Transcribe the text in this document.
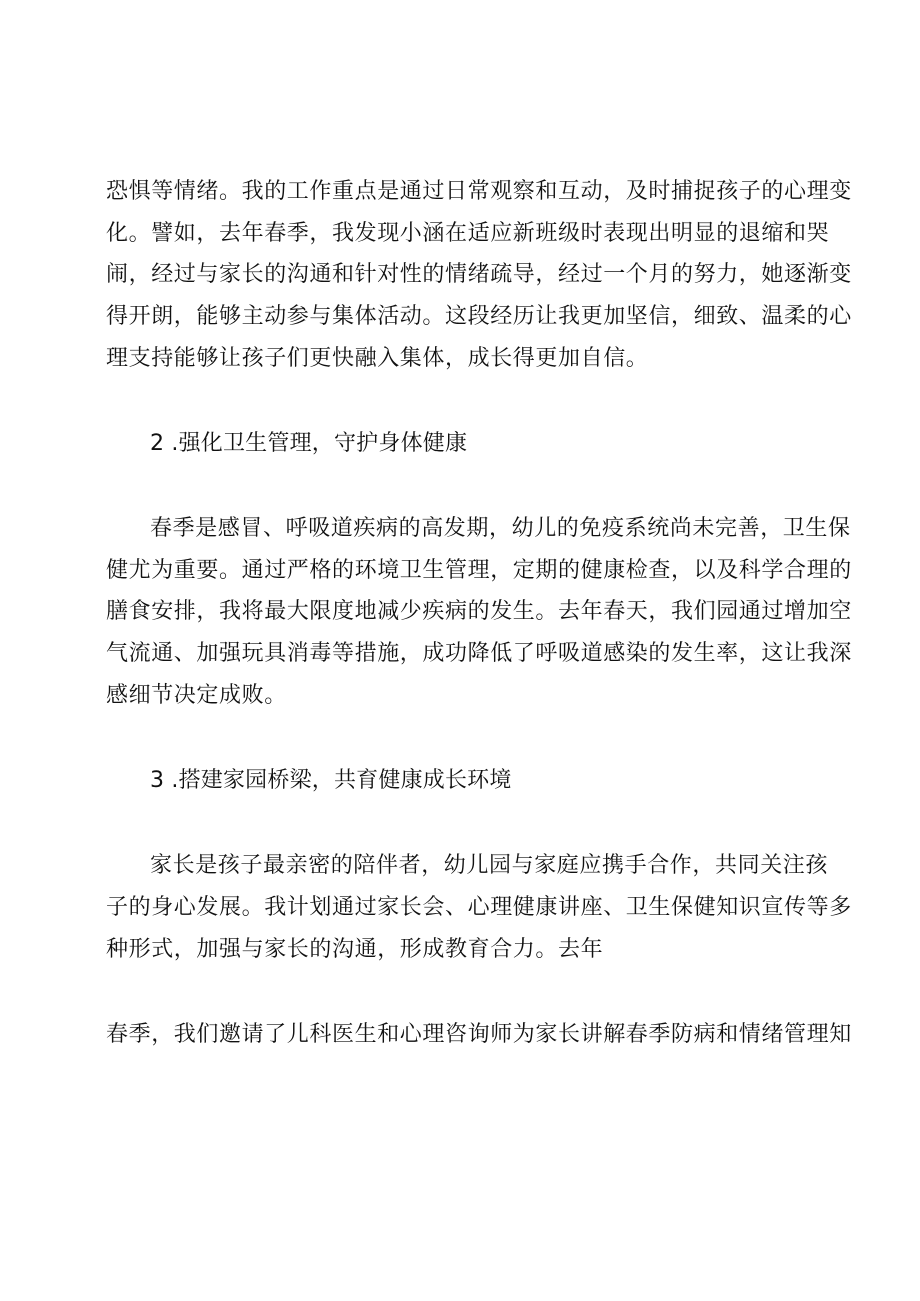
恐惧等情绪。我的工作重点是通过日常观察和互动，及时捕捉孩子的心理变
化。譬如，去年春季，我发现小涵在适应新班级时表现出明显的退缩和哭
闹，经过与家长的沟通和针对性的情绪疏导，经过一个月的努力，她逐渐变
得开朗，能够主动参与集体活动。这段经历让我更加坚信，细致、温柔的心
理支持能够让孩子们更快融入集体，成长得更加自信。
2 .强化卫生管理，守护身体健康
春季是感冒、呼吸道疾病的高发期，幼儿的免疫系统尚未完善，卫生保
健尤为重要。通过严格的环境卫生管理，定期的健康检查，以及科学合理的
膳食安排，我将最大限度地减少疾病的发生。去年春天，我们园通过增加空
气流通、加强玩具消毒等措施，成功降低了呼吸道感染的发生率，这让我深
感细节决定成败。
3 .搭建家园桥梁，共育健康成长环境
家长是孩子最亲密的陪伴者，幼儿园与家庭应携手合作，共同关注孩
子的身心发展。我计划通过家长会、心理健康讲座、卫生保健知识宣传等多
种形式，加强与家长的沟通，形成教育合力。去年
春季，我们邀请了儿科医生和心理咨询师为家长讲解春季防病和情绪管理知
